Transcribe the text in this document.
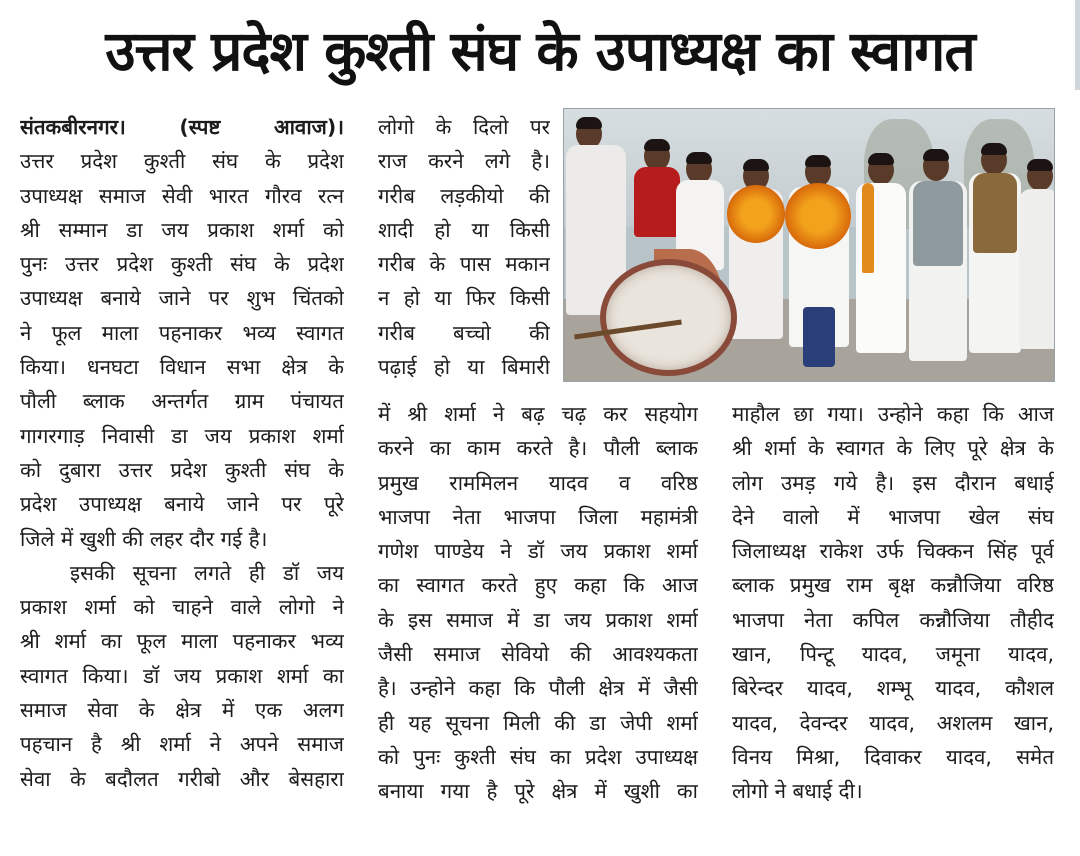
उत्तर प्रदेश कुश्ती संघ के उपाध्यक्ष का स्वागत
संतकबीरनगर। (स्पष्ट आवाज)।
उत्तर प्रदेश कुश्ती संघ के प्रदेश
उपाध्यक्ष समाज सेवी भारत गौरव रत्न
श्री सम्मान डा जय प्रकाश शर्मा को
पुनः उत्तर प्रदेश कुश्ती संघ के प्रदेश
उपाध्यक्ष बनाये जाने पर शुभ चिंतको
ने फूल माला पहनाकर भव्य स्वागत
किया। धनघटा विधान सभा क्षेत्र के
पौली ब्लाक अन्तर्गत ग्राम पंचायत
गागरगाड़ निवासी डा जय प्रकाश शर्मा
को दुबारा उत्तर प्रदेश कुश्ती संघ के
प्रदेश उपाध्यक्ष बनाये जाने पर पूरे
जिले में खुशी की लहर दौर गई है।
इसकी सूचना लगते ही डॉ जय
प्रकाश शर्मा को चाहने वाले लोगो ने
श्री शर्मा का फूल माला पहनाकर भव्य
स्वागत किया। डॉ जय प्रकाश शर्मा का
समाज सेवा के क्षेत्र में एक अलग
पहचान है श्री शर्मा ने अपने समाज
सेवा के बदौलत गरीबो और बेसहारा
लोगो के दिलो पर
राज करने लगे है।
गरीब लड़कीयो की
शादी हो या किसी
गरीब के पास मकान
न हो या फिर किसी
गरीब बच्चो की
पढ़ाई हो या बिमारी
में श्री शर्मा ने बढ़ चढ़ कर सहयोग
करने का काम करते है। पौली ब्लाक
प्रमुख राममिलन यादव व वरिष्ठ
भाजपा नेता भाजपा जिला महामंत्री
गणेश पाण्डेय ने डॉ जय प्रकाश शर्मा
का स्वागत करते हुए कहा कि आज
के इस समाज में डा जय प्रकाश शर्मा
जैसी समाज सेवियो की आवश्यकता
है। उन्होने कहा कि पौली क्षेत्र में जैसी
ही यह सूचना मिली की डा जेपी शर्मा
को पुनः कुश्ती संघ का प्रदेश उपाध्यक्ष
बनाया गया है पूरे क्षेत्र में खुशी का
माहौल छा गया। उन्होने कहा कि आज
श्री शर्मा के स्वागत के लिए पूरे क्षेत्र के
लोग उमड़ गये है। इस दौरान बधाई
देने वालो में भाजपा खेल संघ
जिलाध्यक्ष राकेश उर्फ चिक्कन सिंह पूर्व
ब्लाक प्रमुख राम बृक्ष कन्नौजिया वरिष्ठ
भाजपा नेता कपिल कन्नौजिया तौहीद
खान, पिन्टू यादव, जमूना यादव,
बिरेन्दर यादव, शम्भू यादव, कौशल
यादव, देवन्दर यादव, अशलम खान,
विनय मिश्रा, दिवाकर यादव, समेत
लोगो ने बधाई दी।
